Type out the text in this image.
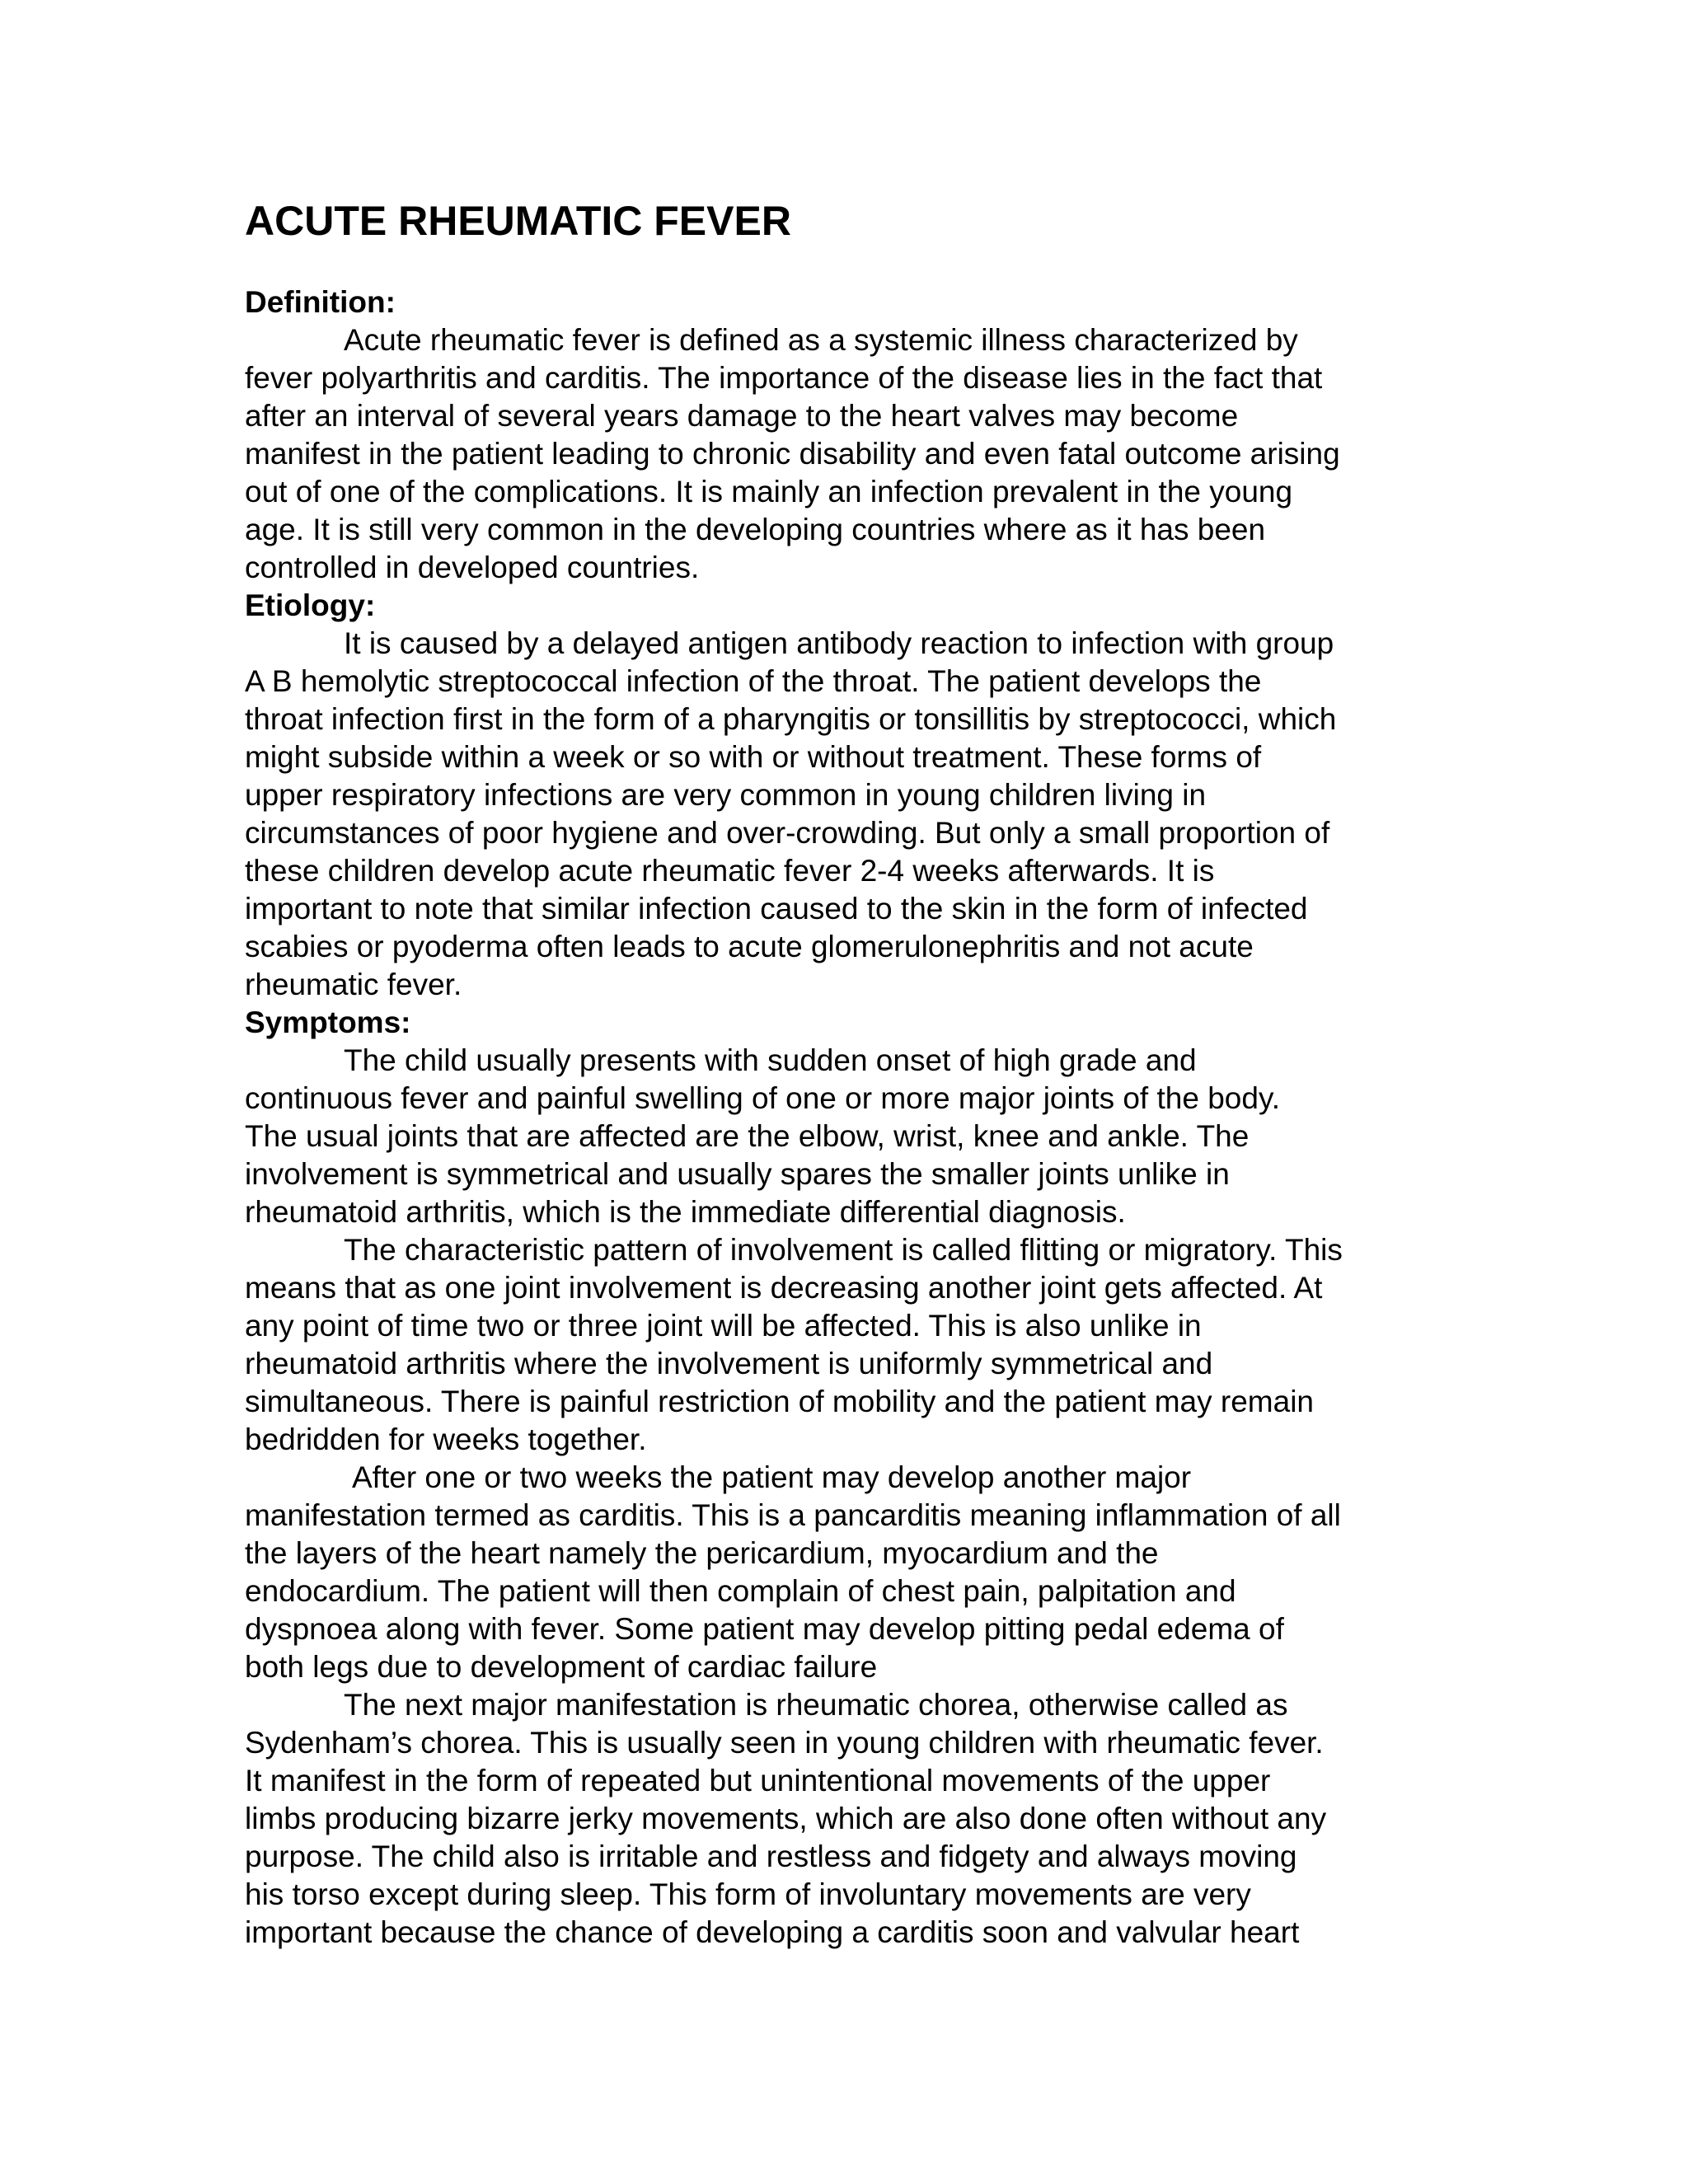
ACUTE RHEUMATIC FEVER
Definition:

Acute rheumatic fever is defined as a systemic illness characterized by
fever polyarthritis and carditis. The importance of the disease lies in the fact that
after an interval of several years damage to the heart valves may become
manifest in the patient leading to chronic disability and even fatal outcome arising
out of one of the complications. It is mainly an infection prevalent in the young
age. It is still very common in the developing countries where as it has been
controlled in developed countries.

Etiology:

It is caused by a delayed antigen antibody reaction to infection with group
A B hemolytic streptococcal infection of the throat. The patient develops the
throat infection first in the form of a pharyngitis or tonsillitis by streptococci, which
might subside within a week or so with or without treatment. These forms of
upper respiratory infections are very common in young children living in
circumstances of poor hygiene and over-crowding. But only a small proportion of
these children develop acute rheumatic fever 2-4 weeks afterwards. It is
important to note that similar infection caused to the skin in the form of infected
scabies or pyoderma often leads to acute glomerulonephritis and not acute
rheumatic fever.

Symptoms:

The child usually presents with sudden onset of high grade and
continuous fever and painful swelling of one or more major joints of the body.
The usual joints that are affected are the elbow, wrist, knee and ankle. The
involvement is symmetrical and usually spares the smaller joints unlike in
rheumatoid arthritis, which is the immediate differential diagnosis.

The characteristic pattern of involvement is called flitting or migratory. This
means that as one joint involvement is decreasing another joint gets affected. At
any point of time two or three joint will be affected. This is also unlike in
rheumatoid arthritis where the involvement is uniformly symmetrical and
simultaneous. There is painful restriction of mobility and the patient may remain
bedridden for weeks together.

After one or two weeks the patient may develop another major
manifestation termed as carditis. This is a pancarditis meaning inflammation of all
the layers of the heart namely the pericardium, myocardium and the
endocardium. The patient will then complain of chest pain, palpitation and
dyspnoea along with fever. Some patient may develop pitting pedal edema of
both legs due to development of cardiac failure

The next major manifestation is rheumatic chorea, otherwise called as
Sydenham’s chorea. This is usually seen in young children with rheumatic fever.
It manifest in the form of repeated but unintentional movements of the upper
limbs producing bizarre jerky movements, which are also done often without any
purpose. The child also is irritable and restless and fidgety and always moving
his torso except during sleep. This form of involuntary movements are very
important because the chance of developing a carditis soon and valvular heart
